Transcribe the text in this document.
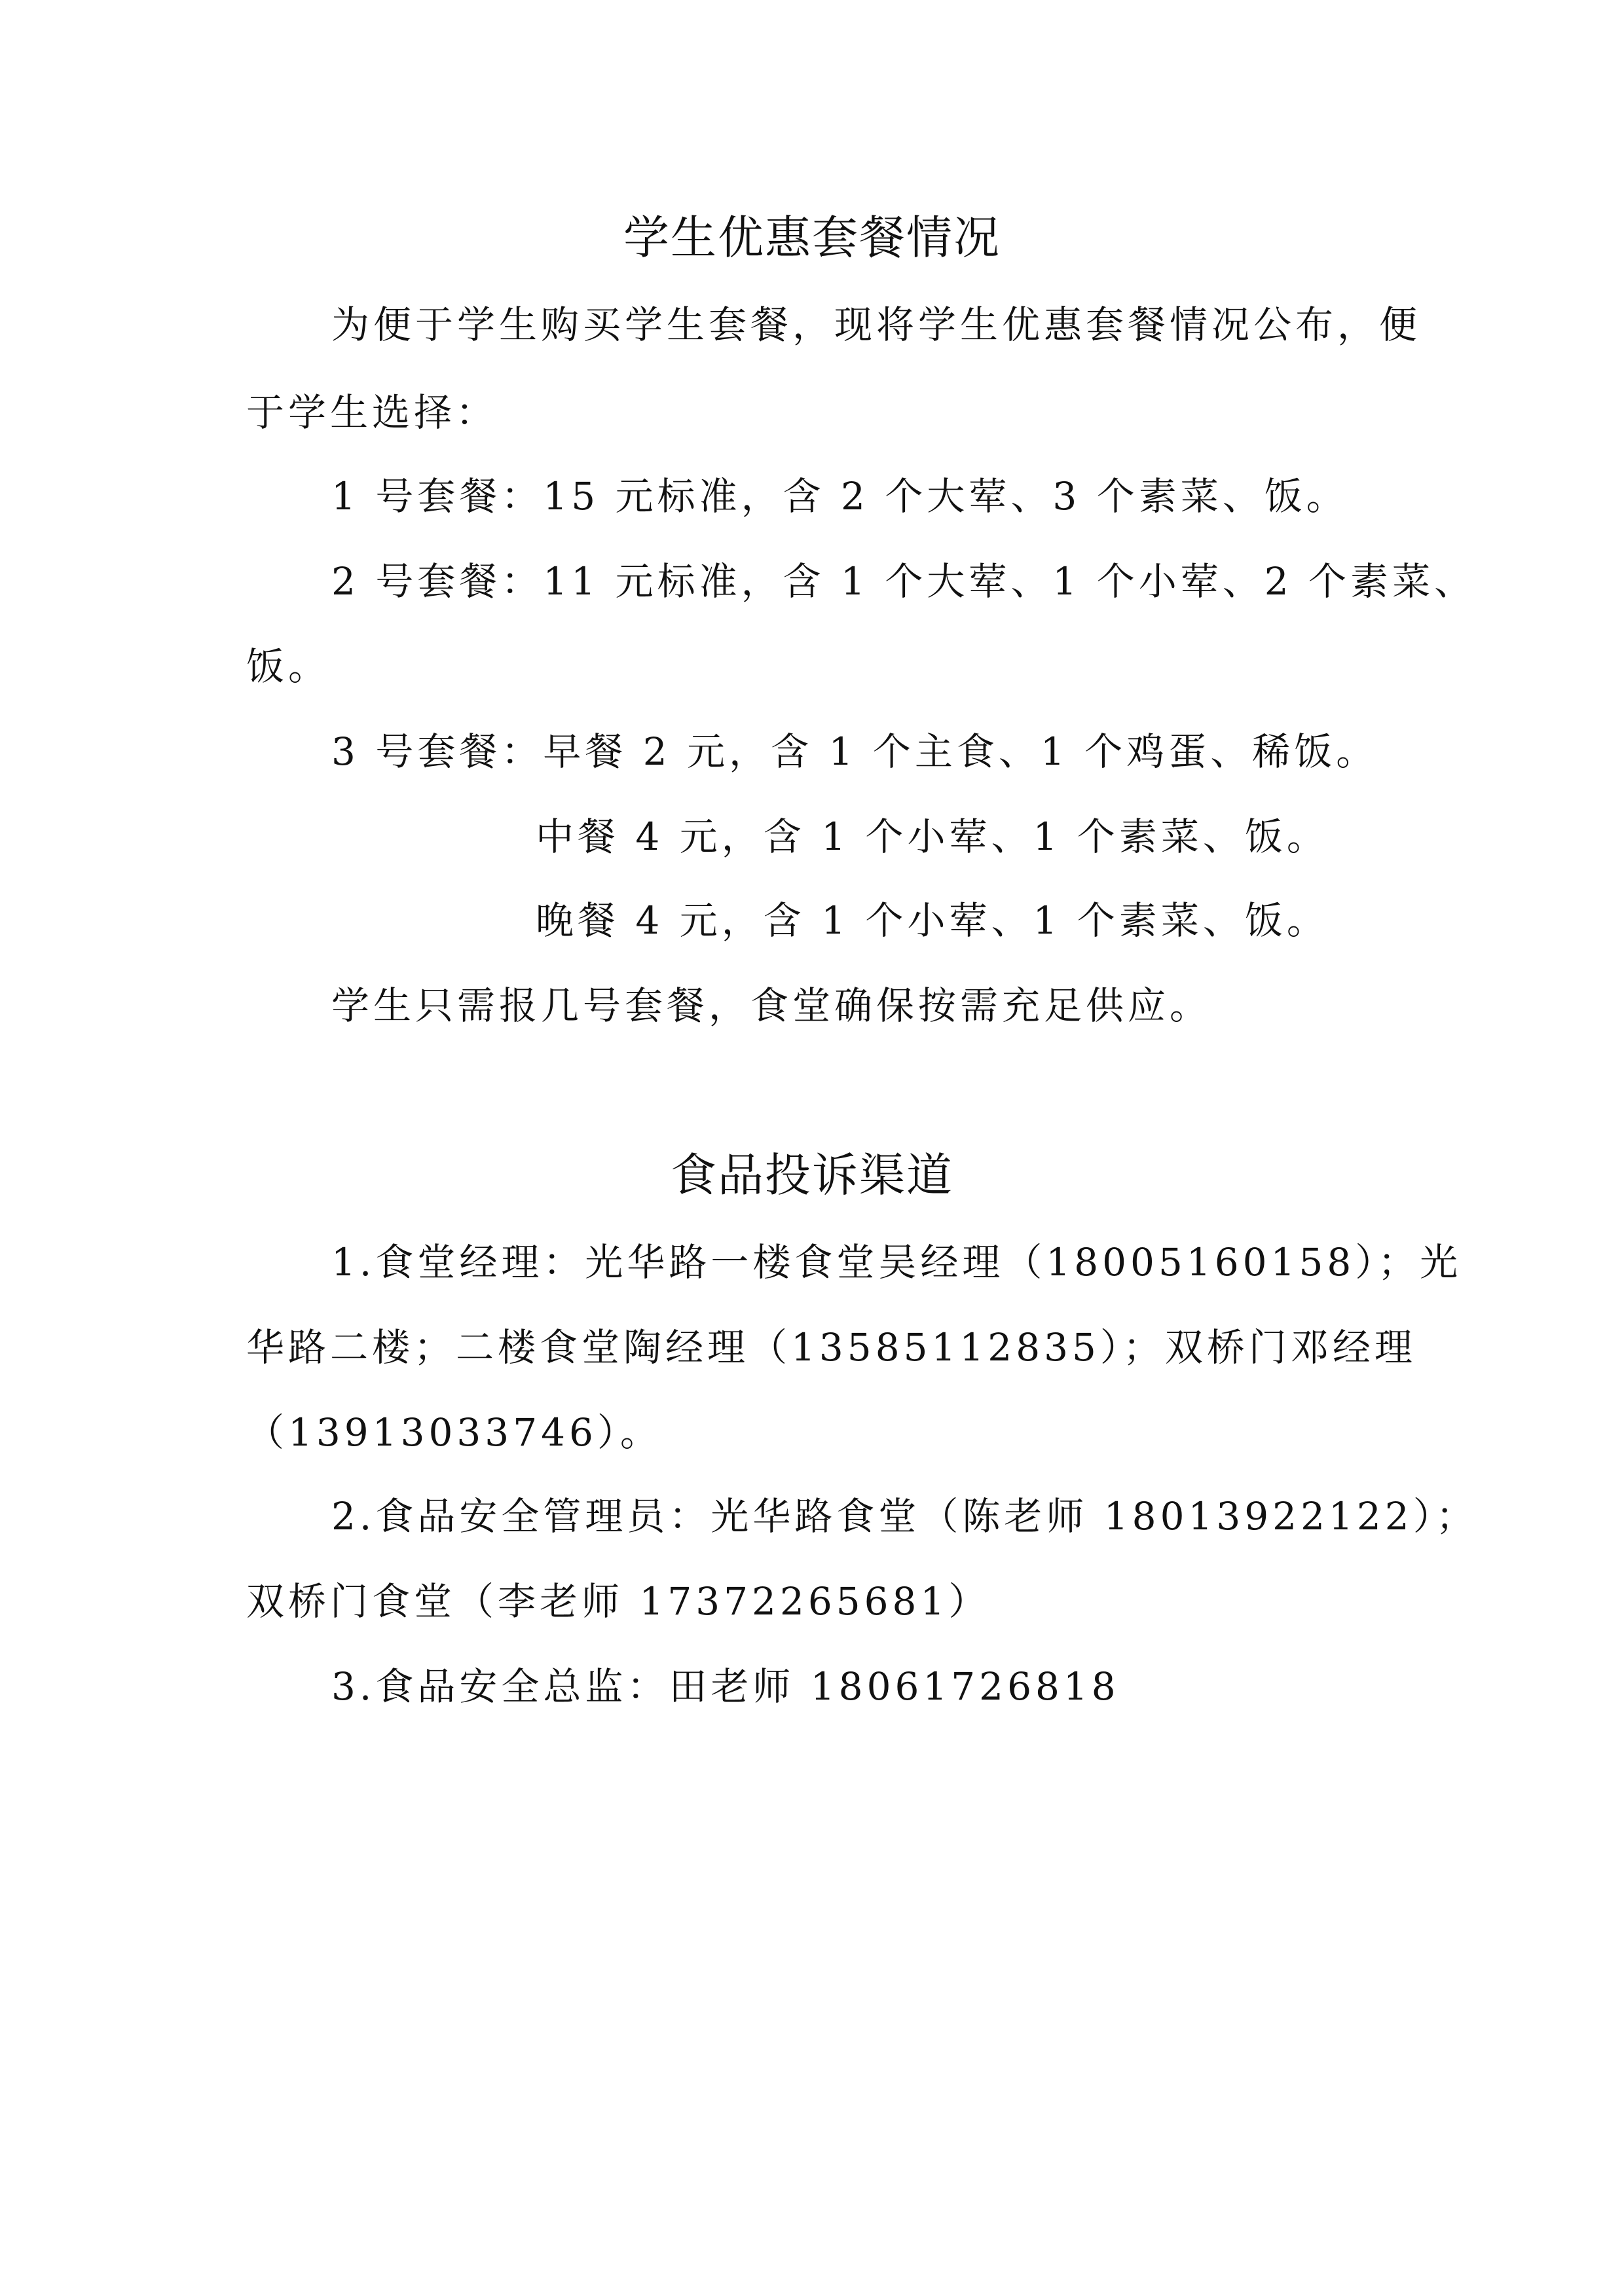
学生优惠套餐情况
为便于学生购买学生套餐，现将学生优惠套餐情况公布，便
于学生选择：
1 号套餐：15 元标准，含 2 个大荤、3 个素菜、饭。
2 号套餐：11 元标准，含 1 个大荤、1 个小荤、2 个素菜、
饭。
3 号套餐：早餐 2 元，含 1 个主食、1 个鸡蛋、稀饭。
中餐 4 元，含 1 个小荤、1 个素菜、饭。
晚餐 4 元，含 1 个小荤、1 个素菜、饭。
学生只需报几号套餐，食堂确保按需充足供应。
食品投诉渠道
1.食堂经理：光华路一楼食堂吴经理（18005160158）；光
华路二楼；二楼食堂陶经理（13585112835）；双桥门邓经理
（13913033746）。
2.食品安全管理员：光华路食堂（陈老师 18013922122）；
双桥门食堂（李老师 17372265681）
3.食品安全总监：田老师 18061726818
